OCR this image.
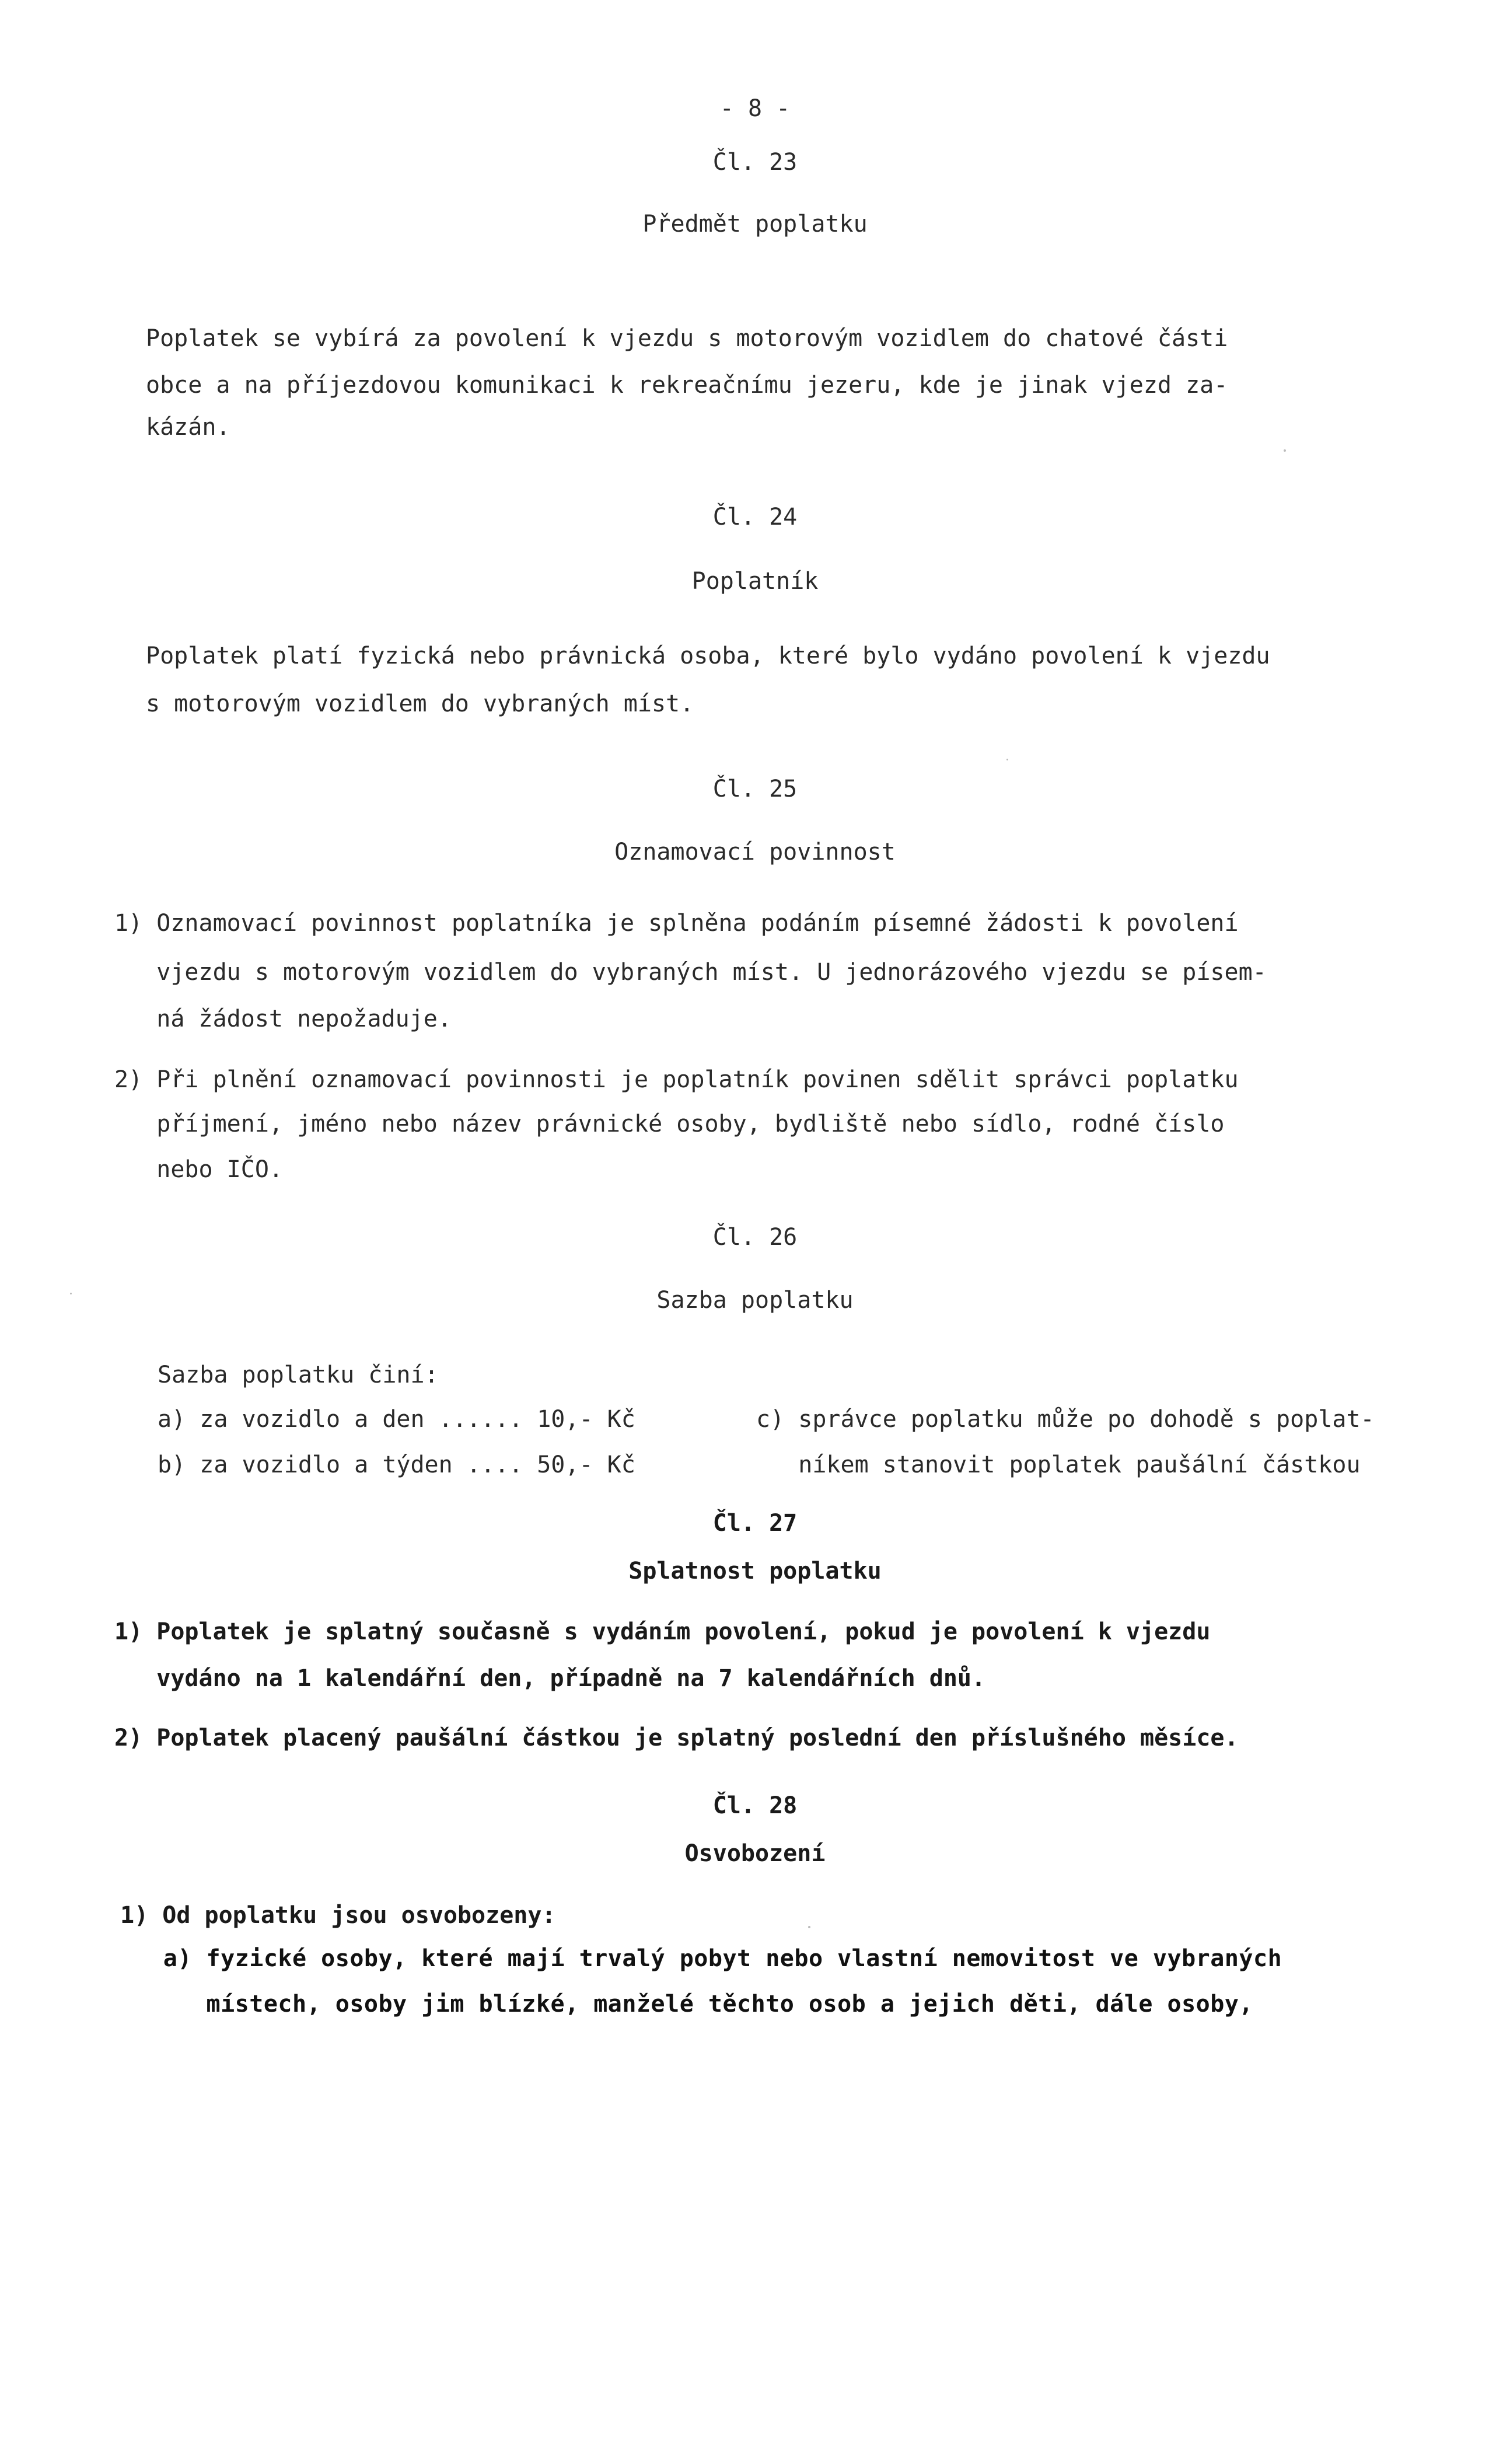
- 8 -
Čl. 23
Předmět poplatku
Poplatek se vybírá za povolení k vjezdu s motorovým vozidlem do chatové části
obce a na příjezdovou komunikaci k rekreačnímu jezeru, kde je jinak vjezd za-
kázán.
Čl. 24
Poplatník
Poplatek platí fyzická nebo právnická osoba, které bylo vydáno povolení k vjezdu
s motorovým vozidlem do vybraných míst.
Čl. 25
Oznamovací povinnost
1) Oznamovací povinnost poplatníka je splněna podáním písemné žádosti k povolení
vjezdu s motorovým vozidlem do vybraných míst. U jednorázového vjezdu se písem-
ná žádost nepožaduje.
2) Při plnění oznamovací povinnosti je poplatník povinen sdělit správci poplatku
příjmení, jméno nebo název právnické osoby, bydliště nebo sídlo, rodné číslo
nebo IČO.
Čl. 26
Sazba poplatku
Sazba poplatku činí:
a) za vozidlo a den ...... 10,- Kč
b) za vozidlo a týden .... 50,- Kč
c) správce poplatku může po dohodě s poplat-
níkem stanovit poplatek paušální částkou
Čl. 27
Splatnost poplatku
1) Poplatek je splatný současně s vydáním povolení, pokud je povolení k vjezdu
vydáno na 1 kalendářní den, případně na 7 kalendářních dnů.
2) Poplatek placený paušální částkou je splatný poslední den příslušného měsíce.
Čl. 28
Osvobození
1) Od poplatku jsou osvobozeny:
a) fyzické osoby, které mají trvalý pobyt nebo vlastní nemovitost ve vybraných
místech, osoby jim blízké, manželé těchto osob a jejich děti, dále osoby,
